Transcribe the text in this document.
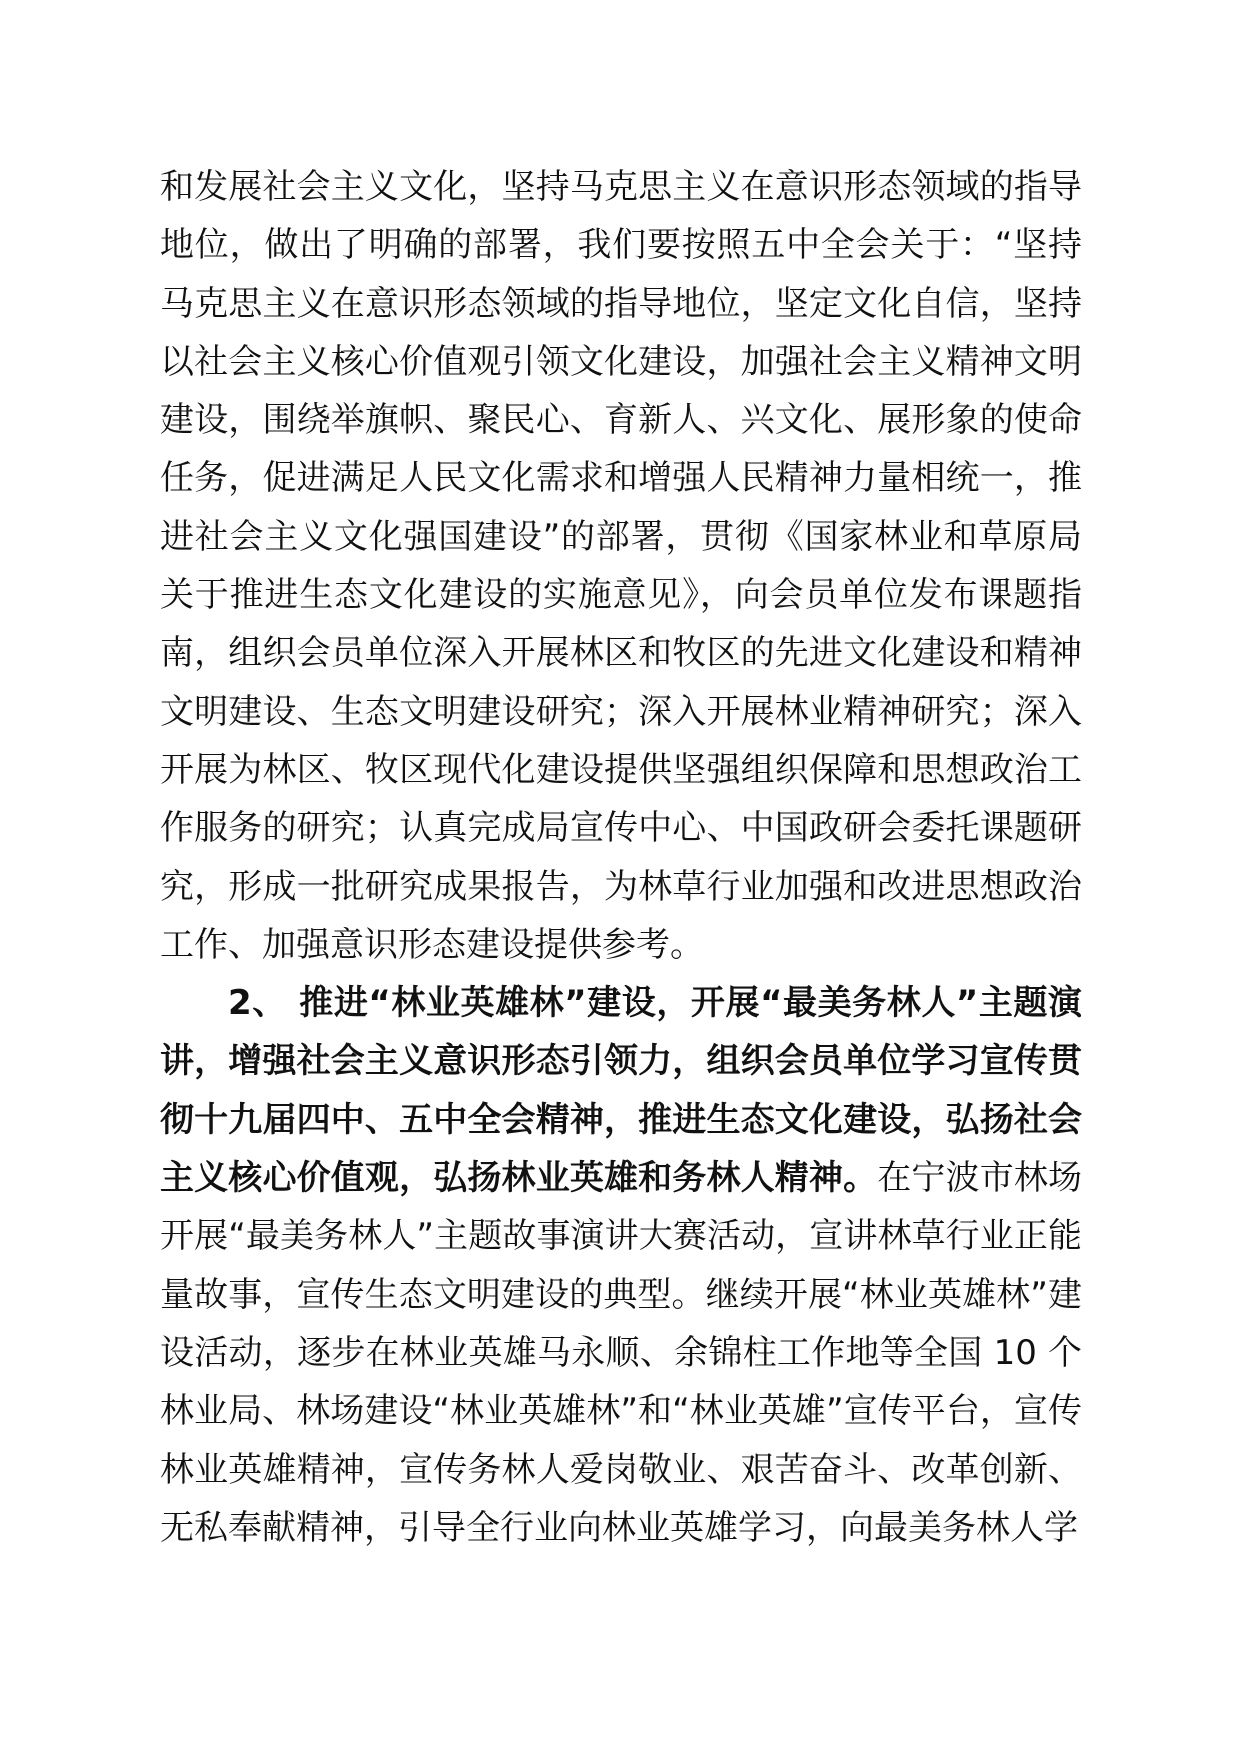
和发展社会主义文化，坚持马克思主义在意识形态领域的指导地位，做出了明确的部署，我们要按照五中全会关于：“坚持马克思主义在意识形态领域的指导地位，坚定文化自信，坚持以社会主义核心价值观引领文化建设，加强社会主义精神文明建设，围绕举旗帜、聚民心、育新人、兴文化、展形象的使命任务，促进满足人民文化需求和增强人民精神力量相统一，推进社会主义文化强国建设”的部署，贯彻《国家林业和草原局关于推进生态文化建设的实施意见》，向会员单位发布课题指南，组织会员单位深入开展林区和牧区的先进文化建设和精神文明建设、生态文明建设研究；深入开展林业精神研究；深入开展为林区、牧区现代化建设提供坚强组织保障和思想政治工作服务的研究；认真完成局宣传中心、中国政研会委托课题研究，形成一批研究成果报告，为林草行业加强和改进思想政治工作、加强意识形态建设提供参考。

2、 推进“林业英雄林”建设，开展“最美务林人”主题演讲，增强社会主义意识形态引领力，组织会员单位学习宣传贯彻十九届四中、五中全会精神，推进生态文化建设，弘扬社会主义核心价值观，弘扬林业英雄和务林人精神。在宁波市林场开展“最美务林人”主题故事演讲大赛活动，宣讲林草行业正能量故事，宣传生态文明建设的典型。继续开展“林业英雄林”建设活动，逐步在林业英雄马永顺、余锦柱工作地等全国 10 个林业局、林场建设“林业英雄林”和“林业英雄”宣传平台，宣传林业英雄精神，宣传务林人爱岗敬业、艰苦奋斗、改革创新、无私奉献精神，引导全行业向林业英雄学习，向最美务林人学
